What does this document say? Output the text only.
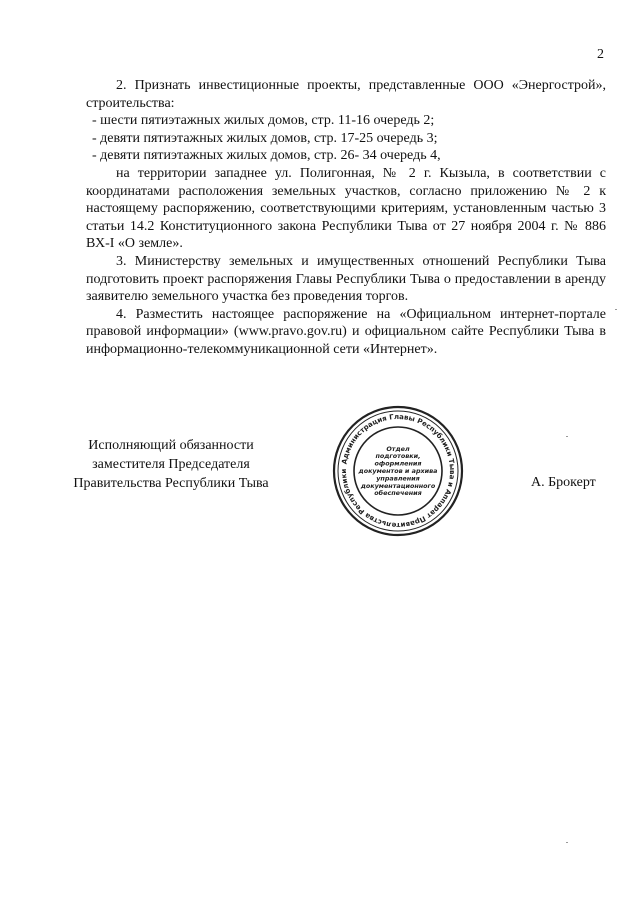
2

2. Признать инвестиционные проекты, представленные ООО «Энергострой», строительства:

- шести пятиэтажных жилых домов, стр. 11-16 очередь 2;

- девяти пятиэтажных жилых домов, стр. 17-25 очередь 3;

- девяти пятиэтажных жилых домов, стр. 26- 34 очередь 4,

на территории западнее ул. Полигонная, № 2 г. Кызыла, в соответствии с координатами расположения земельных участков, согласно приложению № 2 к настоящему распоряжению, соответствующими критериям, установленным частью 3 статьи 14.2 Конституционного закона Республики Тыва от 27 ноября 2004 г. № 886 ВХ-I «О земле».

3. Министерству земельных и имущественных отношений Республики Тыва подготовить проект распоряжения Главы Республики Тыва о предоставлении в аренду заявителю земельного участка без проведения торгов.

4. Разместить настоящее распоряжение на «Официальном интернет-портале правовой информации» (www.pravo.gov.ru) и официальном сайте Республики Тыва в информационно-телекоммуникационной сети «Интернет».

Исполняющий обязанности
заместителя Председателя
Правительства Республики Тыва
Администрация Главы Республики Тыва и Аппарат Правительства Республики
Отдел
подготовки,
оформления
документов и архива
управления
документационного
обеспечения
А. Брокерт
